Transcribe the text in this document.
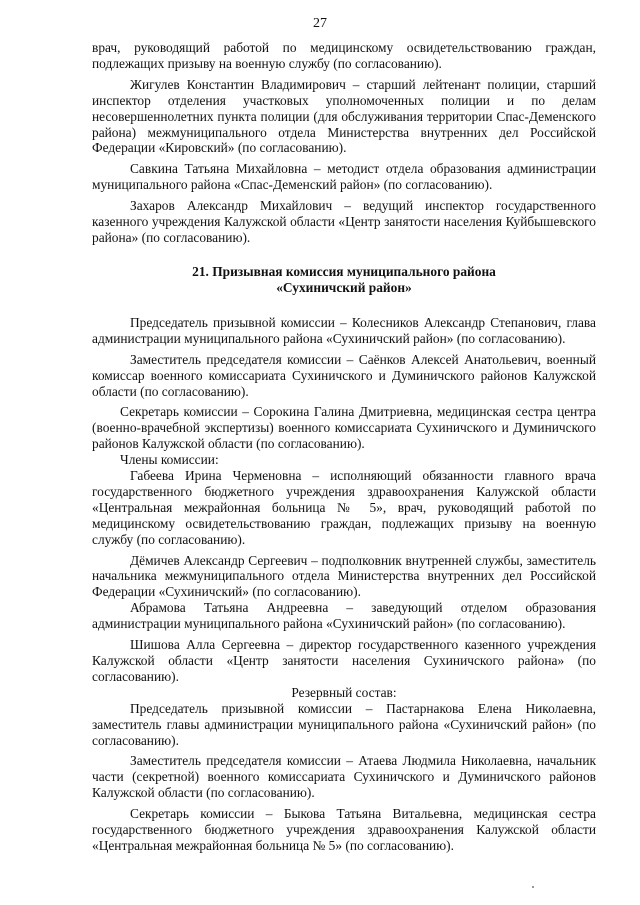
27

врач, руководящий работой по медицинскому освидетельствованию граждан, подлежащих призыву на военную службу (по согласованию).

Жигулев Константин Владимирович – старший лейтенант полиции, старший инспектор отделения участковых уполномоченных полиции и по делам несовершеннолетних пункта полиции (для обслуживания территории Спас-Деменского района) межмуниципального отдела Министерства внутренних дел Российской Федерации «Кировский» (по согласованию).

Савкина Татьяна Михайловна – методист отдела образования администрации муниципального района «Спас-Деменский район» (по согласованию).

Захаров Александр Михайлович – ведущий инспектор государственного казенного учреждения Калужской области «Центр занятости населения Куйбышевского района» (по согласованию).

21. Призывная комиссия муниципального района
«Сухиничский район»

Председатель призывной комиссии – Колесников Александр Степанович, глава администрации муниципального района «Сухиничский район» (по согласованию).

Заместитель председателя комиссии – Саёнков Алексей Анатольевич, военный комиссар военного комиссариата Сухиничского и Думиничского районов Калужской области (по согласованию).

Секретарь комиссии – Сорокина Галина Дмитриевна, медицинская сестра центра (военно-врачебной экспертизы) военного комиссариата Сухиничского и Думиничского районов Калужской области (по согласованию).

Члены комиссии:

Габеева Ирина Черменовна – исполняющий обязанности главного врача государственного бюджетного учреждения здравоохранения Калужской области «Центральная межрайонная больница № 5», врач, руководящий работой по медицинскому освидетельствованию граждан, подлежащих призыву на военную службу (по согласованию).

Дёмичев Александр Сергеевич – подполковник внутренней службы, заместитель начальника межмуниципального отдела Министерства внутренних дел Российской Федерации «Сухиничский» (по согласованию).

Абрамова Татьяна Андреевна – заведующий отделом образования администрации муниципального района «Сухиничский район» (по согласованию).

Шишова Алла Сергеевна – директор государственного казенного учреждения Калужской области «Центр занятости населения Сухиничского района» (по согласованию).

Резервный состав:

Председатель призывной комиссии – Пастарнакова Елена Николаевна, заместитель главы администрации муниципального района «Сухиничский район» (по согласованию).

Заместитель председателя комиссии – Атаева Людмила Николаевна, начальник части (секретной) военного комиссариата Сухиничского и Думиничского районов Калужской области (по согласованию).

Секретарь комиссии – Быкова Татьяна Витальевна, медицинская сестра государственного бюджетного учреждения здравоохранения Калужской области «Центральная межрайонная больница № 5» (по согласованию).
